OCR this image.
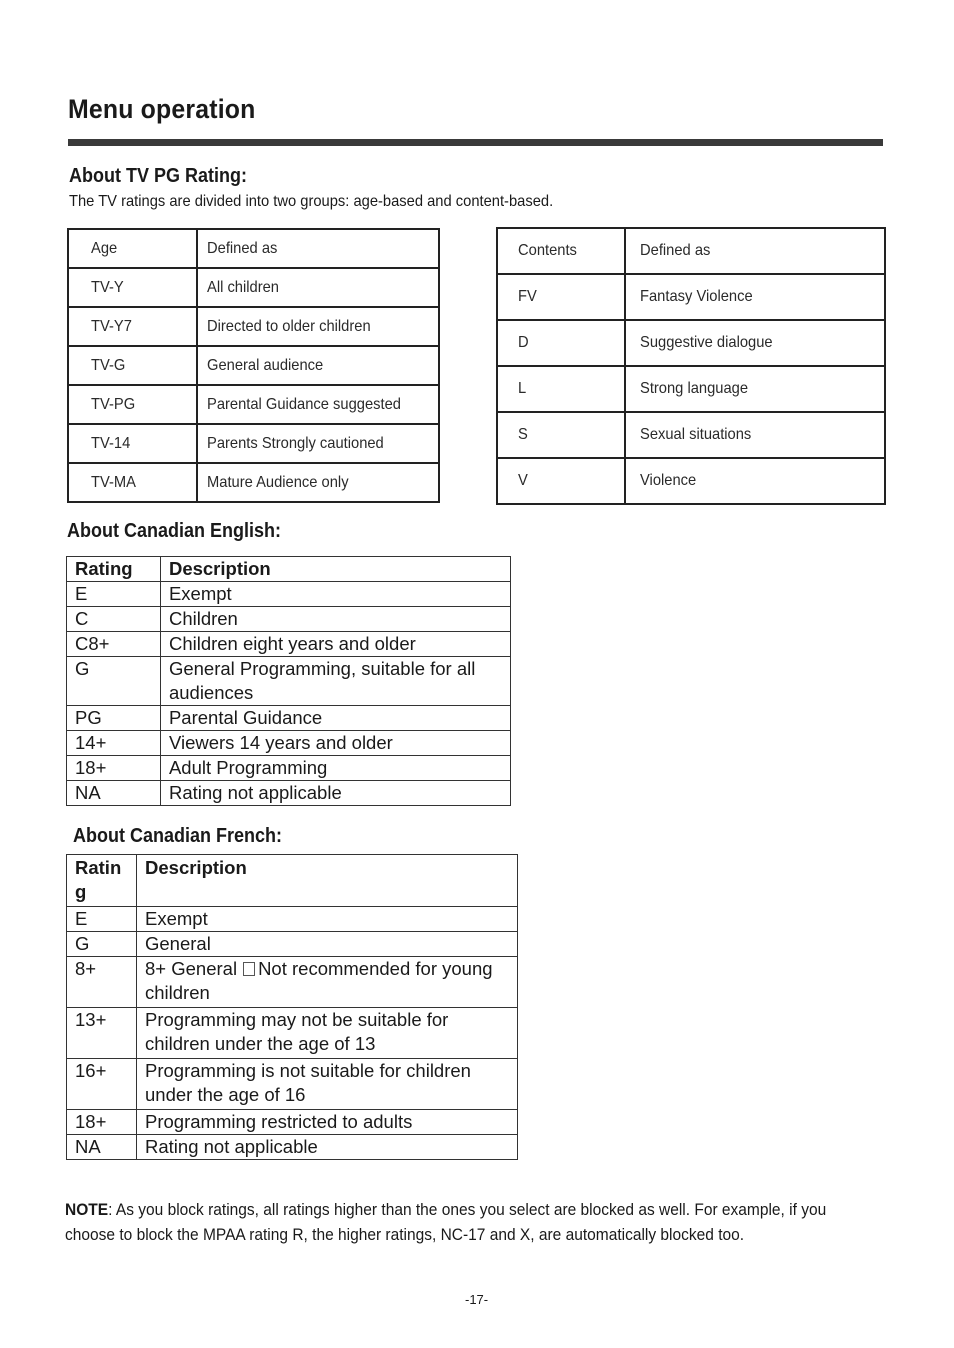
Menu operation
About TV PG Rating:
The TV ratings are divided into two groups: age-based and content-based.
Age	Defined as
TV-Y	All children
TV-Y7	Directed to older children
TV-G	General audience
TV-PG	Parental Guidance suggested
TV-14	Parents Strongly cautioned
TV-MA	Mature Audience only
Contents	Defined as
FV	Fantasy Violence
D	Suggestive dialogue
L	Strong language
S	Sexual situations
V	Violence
About Canadian English:
Rating	Description
E	Exempt
C	Children
C8+	Children eight years and older
G	General Programming, suitable for all audiences
PG	Parental Guidance
14+	Viewers 14 years and older
18+	Adult Programming
NA	Rating not applicable
About Canadian French:
Ratin g	Description
E	Exempt
G	General
8+	8+ General Not recommended for young children
13+	Programming may not be suitable for children under the age of 13
16+	Programming is not suitable for children under the age of 16
18+	Programming restricted to adults
NA	Rating not applicable
NOTE: As you block ratings, all ratings higher than the ones you select are blocked as well. For example, if you choose to block the MPAA rating R, the higher ratings, NC-17 and X, are automatically blocked too.
-17-
